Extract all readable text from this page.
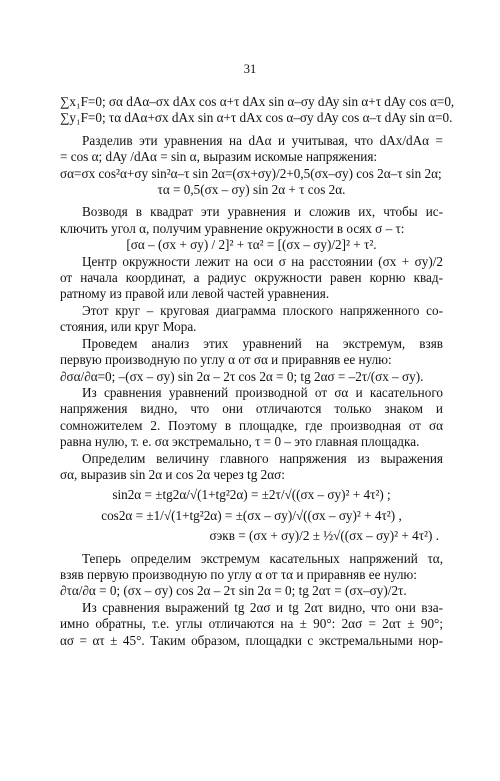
31
∑x₁F=0; σα dAα–σx dAx cos α+τ dAx sin α–σy dAy sin α+τ dAy cos α=0,
∑y₁F=0; τα dAα+σx dAx sin α+τ dAx cos α–σy dAy cos α–τ dAy sin α=0.
Разделив эти уравнения на dAα и учитывая, что dAx/dAα =
= cos α; dAy /dAα = sin α, выразим искомые напряжения:
σα=σx cos²α+σy sin²α–τ sin 2α=(σx+σy)/2+0,5(σx–σy) cos 2α–τ sin 2α;
τα = 0,5(σx – σy) sin 2α + τ cos 2α.
Возводя в квадрат эти уравнения и сложив их, чтобы ис-
ключить угол α, получим уравнение окружности в осях σ – τ:
[σα – (σx + σy) / 2]² + τα² = [(σx – σy)/2]² + τ².
Центр окружности лежит на оси σ на расстоянии (σx + σy)/2
от начала координат, а радиус окружности равен корню квад-
ратному из правой или левой частей уравнения.
Этот круг – круговая диаграмма плоского напряженного со-
стояния, или круг Мора.
Проведем анализ этих уравнений на экстремум, взяв
первую производную по углу α от σα и приравняв ее нулю:
∂σα/∂α=0; –(σx – σy) sin 2α – 2τ cos 2α = 0; tg 2ασ = –2τ/(σx – σy).
Из сравнения уравнений производной от σα и касательного
напряжения видно, что они отличаются только знаком и
сомножителем 2. Поэтому в площадке, где производная от σα
равна нулю, т. е. σα экстремально, τ = 0 – это главная площадка.
Определим величину главного напряжения из выражения
σα, выразив sin 2α и cos 2α через tg 2ασ:
sin2α = ±tg2α/√(1+tg²2α) = ±2τ/√((σx – σy)² + 4τ²) ;
cos2α = ±1/√(1+tg²2α) = ±(σx – σy)/√((σx – σy)² + 4τ²) ,
σэкв = (σx + σy)/2 ± ½√((σx – σy)² + 4τ²) .
Теперь определим экстремум касательных напряжений τα,
взяв первую производную по углу α от τα и приравняв ее нулю:
∂τα/∂α = 0; (σx – σy) cos 2α – 2τ sin 2α = 0; tg 2ατ = (σx–σy)/2τ.
Из сравнения выражений tg 2ασ и tg 2ατ видно, что они вза-
имно обратны, т.е. углы отличаются на ± 90°: 2ασ = 2ατ ± 90°;
ασ = ατ ± 45°. Таким образом, площадки с экстремальными нор-
